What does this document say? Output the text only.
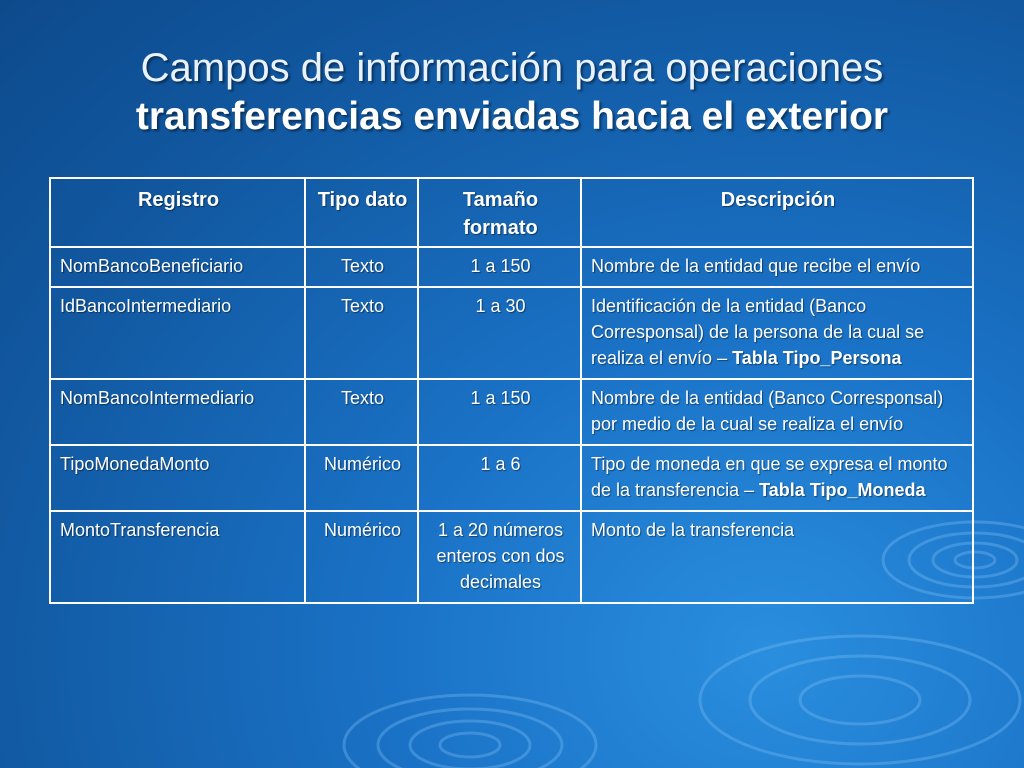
Campos de información para operaciones
transferencias enviadas hacia el exterior
Registro	Tipo dato	Tamaño formato	Descripción
NomBancoBeneficiario	Texto	1 a 150	Nombre de la entidad que recibe el envío
IdBancoIntermediario	Texto	1 a 30	Identificación de la entidad (Banco Corresponsal) de la persona de la cual se realiza el envío – Tabla Tipo_Persona
NomBancoIntermediario	Texto	1 a 150	Nombre de la entidad (Banco Corresponsal) por medio de la cual se realiza el envío
TipoMonedaMonto	Numérico	1 a 6	Tipo de moneda en que se expresa el monto de la transferencia – Tabla Tipo_Moneda
MontoTransferencia	Numérico	1 a 20 números enteros con dos decimales	Monto de la transferencia
